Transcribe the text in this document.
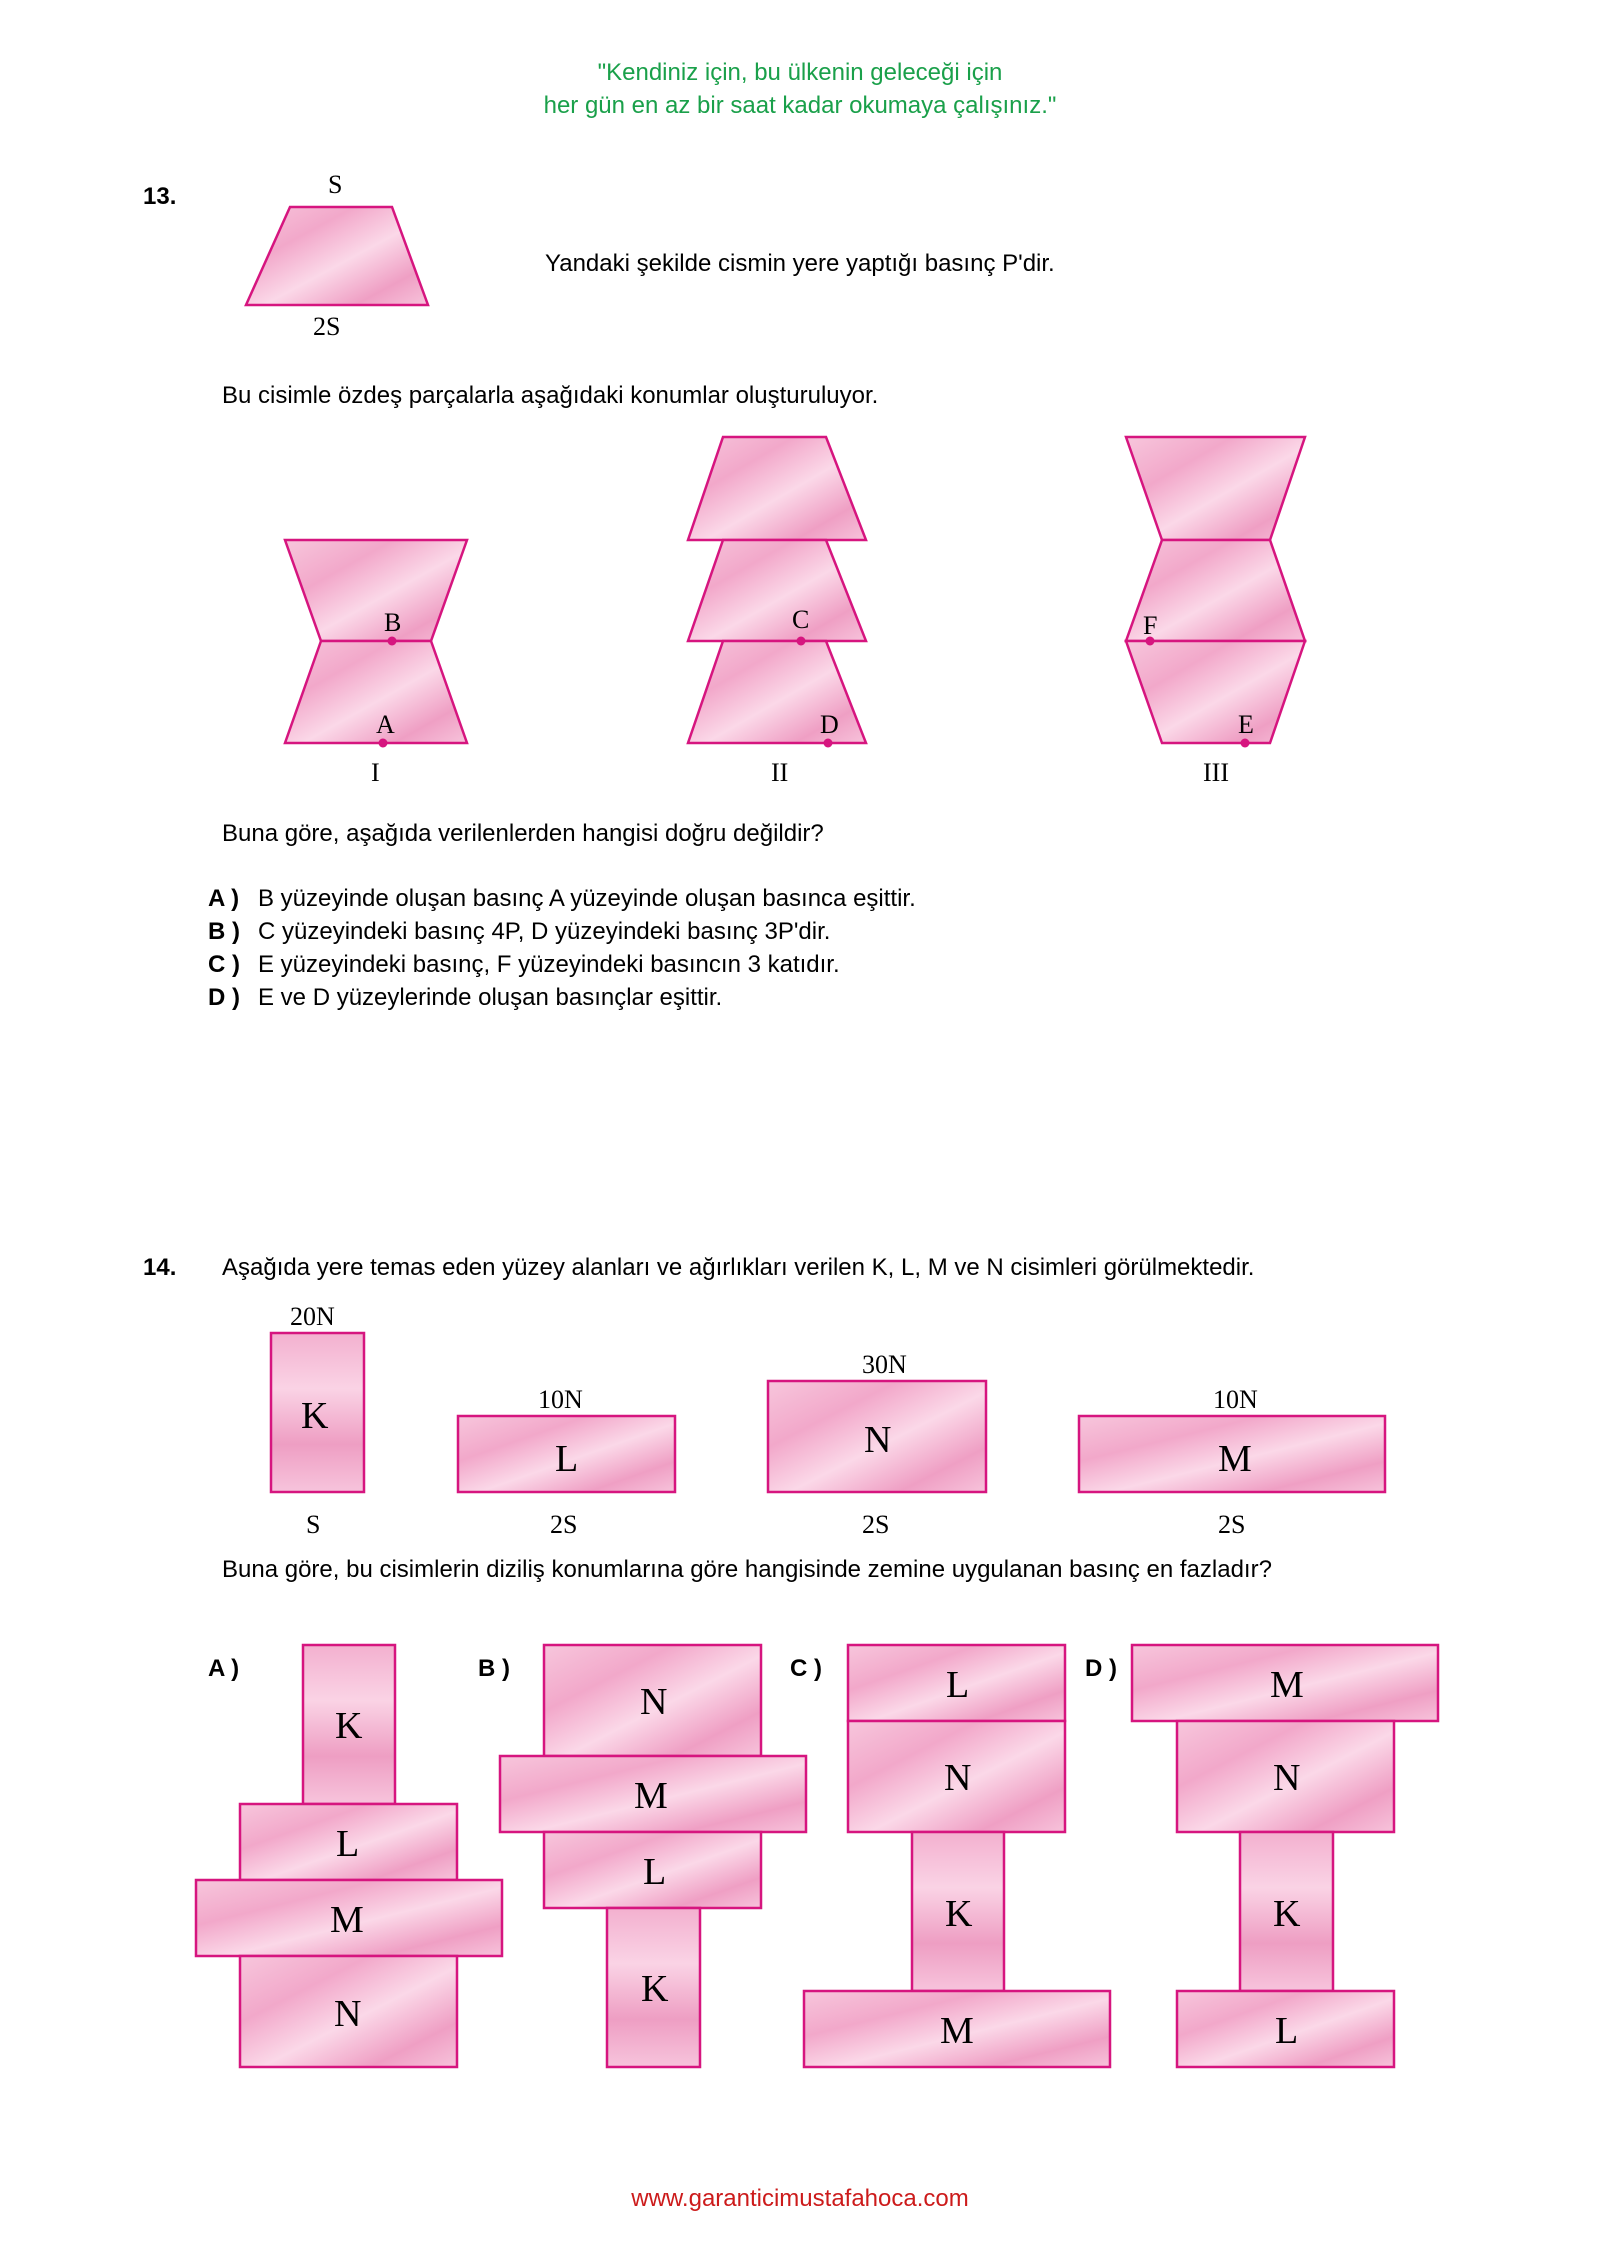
"Kendiniz için, bu ülkenin geleceği için
her gün en az bir saat kadar okumaya çalışınız."
13.	S
2S
Yandaki şekilde cismin yere yaptığı basınç P'dir.
Bu cisimle özdeş parçalarla aşağıdaki konumlar oluşturuluyor.
B
A
C
D
F
E
I	II	III
Buna göre, aşağıda verilenlerden hangisi doğru değildir?
A ) B yüzeyinde oluşan basınç A yüzeyinde oluşan basınca eşittir.
B ) C yüzeyindeki basınç 4P, D yüzeyindeki basınç 3P'dir.
C ) E yüzeyindeki basınç, F yüzeyindeki basıncın 3 katıdır.
D ) E ve D yüzeylerinde oluşan basınçlar eşittir.
14. Aşağıda yere temas eden yüzey alanları ve ağırlıkları verilen K, L, M ve N cisimleri görülmektedir.
20N
K
S
10N
L
2S
30N
N
2S
10N
M
2S
Buna göre, bu cisimlerin diziliş konumlarına göre hangisinde zemine uygulanan basınç en fazladır?
A )	B )	C )	D )
K
L
M
N
N
M
L
K
L
N
K
M
M
N
K
L
www.garanticimustafahoca.com
